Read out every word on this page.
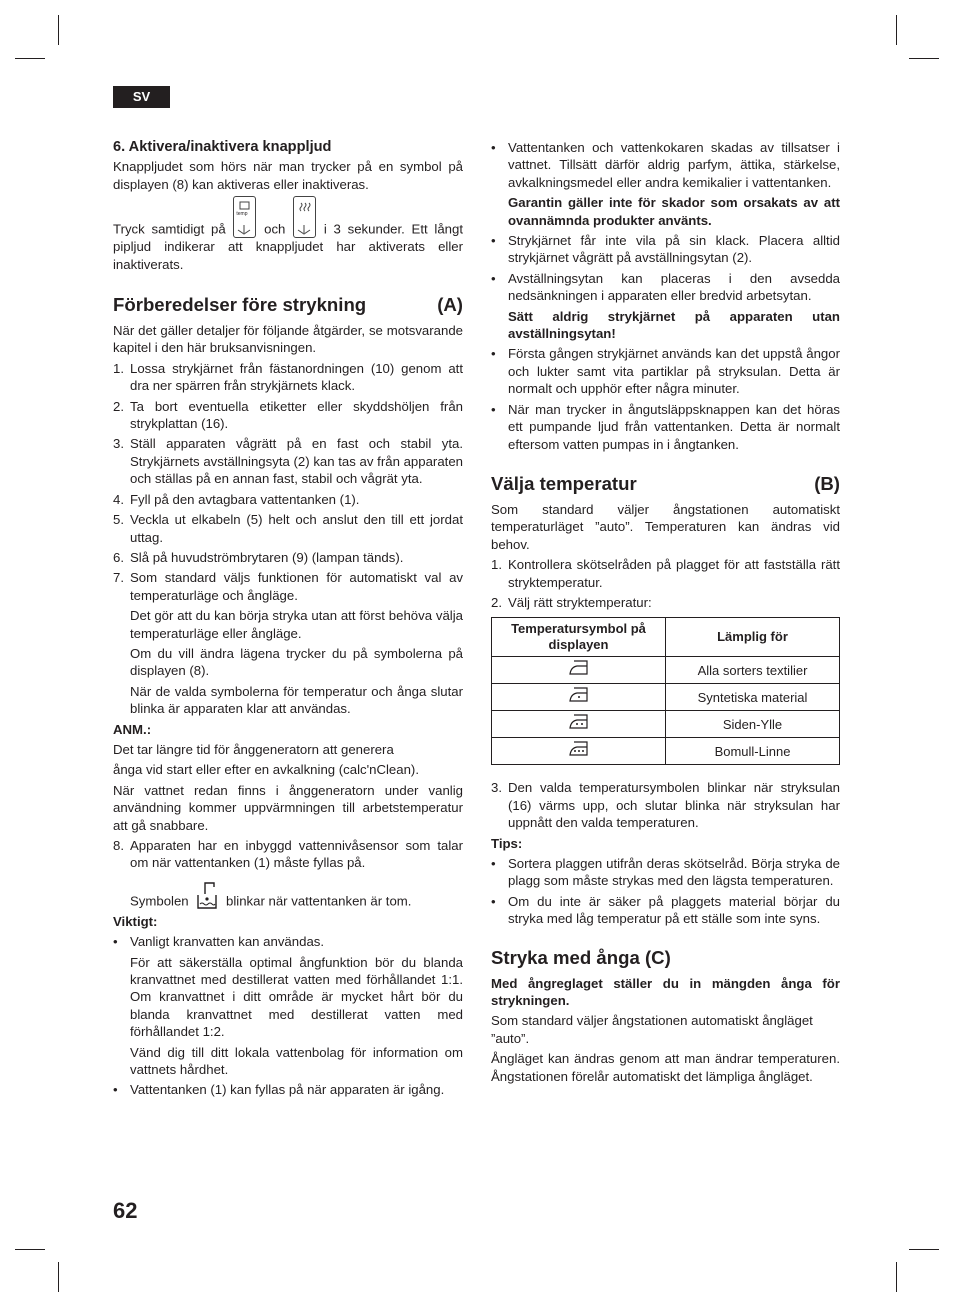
SV

6. Aktivera/inaktivera knappljud

Knappljudet som hörs när man trycker på en symbol på displayen (8) kan aktiveras eller inaktiveras.

Tryck samtidigt på
temp
och
i 3 sekunder. Ett långt pipljud indikerar att knappljudet har aktiverats eller inaktiverats.

Förberedelser före strykning	(A)

När det gäller detaljer för följande åtgärder, se motsvarande kapitel i den här bruksanvisningen.

1. Lossa strykjärnet från fästanordningen (10) genom att dra ner spärren från strykjärnets klack.
2. Ta bort eventuella etiketter eller skyddshöljen från strykplattan (16).
3. Ställ apparaten vågrätt på en fast och stabil yta. Strykjärnets avställningsyta (2) kan tas av från apparaten och ställas på en annan fast, stabil och vågrät yta.
4. Fyll på den avtagbara vattentanken (1).
5. Veckla ut elkabeln (5) helt och anslut den till ett jordat uttag.
6. Slå på huvudströmbrytaren (9) (lampan tänds).
7. Som standard väljs funktionen för automatiskt val av temperaturläge och ångläge.

Det gör att du kan börja stryka utan att först behöva välja temperaturläge eller ångläge.

Om du vill ändra lägena trycker du på symbolerna på displayen (8).

När de valda symbolerna för temperatur och ånga slutar blinka är apparaten klar att användas.

ANM.:

Det tar längre tid för ånggeneratorn att generera

ånga vid start eller efter en avkalkning (calc'nClean).

När vattnet redan finns i ånggeneratorn under vanlig användning kommer uppvärmningen till arbetstemperatur att gå snabbare.

8. Apparaten har en inbyggd vattennivåsensor som talar om när vattentanken (1) måste fyllas på.

Symbolen	blinkar när vattentanken är tom.

Viktigt:

• Vanligt kranvatten kan användas.

För att säkerställa optimal ångfunktion bör du blanda kranvattnet med destillerat vatten med förhållandet 1:1. Om kranvattnet i ditt område är mycket hårt bör du blanda kranvattnet med destillerat vatten med förhållandet 1:2.

Vänd dig till ditt lokala vattenbolag för information om vattnets hårdhet.

• Vattentanken (1) kan fyllas på när apparaten är igång.
• Vattentanken och vattenkokaren skadas av tillsatser i vattnet. Tillsätt därför aldrig parfym, ättika, stärkelse, avkalkningsmedel eller andra kemikalier i vattentanken.

Garantin gäller inte för skador som orsakats av att ovannämnda produkter använts.

• Strykjärnet får inte vila på sin klack. Placera alltid strykjärnet vågrätt på avställningsytan (2).
• Avställningsytan kan placeras i den avsedda nedsänkningen i apparaten eller bredvid arbetsytan.

Sätt aldrig strykjärnet på apparaten utan avställningsytan!

• Första gången strykjärnet används kan det uppstå ångor och lukter samt vita partiklar på stryksulan. Detta är normalt och upphör efter några minuter.
• När man trycker in ångutsläppsknappen kan det höras ett pumpande ljud från vattentanken. Detta är normalt eftersom vatten pumpas in i ångtanken.
Välja temperatur	(B)

Som standard väljer ångstationen automatiskt temperaturläget ”auto”. Temperaturen kan ändras vid behov.

1. Kontrollera skötselråden på plagget för att fastställa rätt stryktemperatur.
2. Välj rätt stryktemperatur:
Temperatursymbol på displayen	Lämplig för
	Alla sorters textilier
	Syntetiska material
	Siden-Ylle
	Bomull-Linne
3. Den valda temperatursymbolen blinkar när stryksulan (16) värms upp, och slutar blinka när stryksulan har uppnått den valda temperaturen.

Tips:

• Sortera plaggen utifrån deras skötselråd. Börja stryka de plagg som måste strykas med den lägsta temperaturen.
• Om du inte är säker på plaggets material börjar du stryka med låg temperatur på ett ställe som inte syns.
Stryka med ånga (C)

Med ångreglaget ställer du in mängden ånga för strykningen.

Som standard väljer ångstationen automatiskt ångläget ”auto”.

Ångläget kan ändras genom att man ändrar temperaturen. Ångstationen förelår automatiskt det lämpliga ångläget.

62
